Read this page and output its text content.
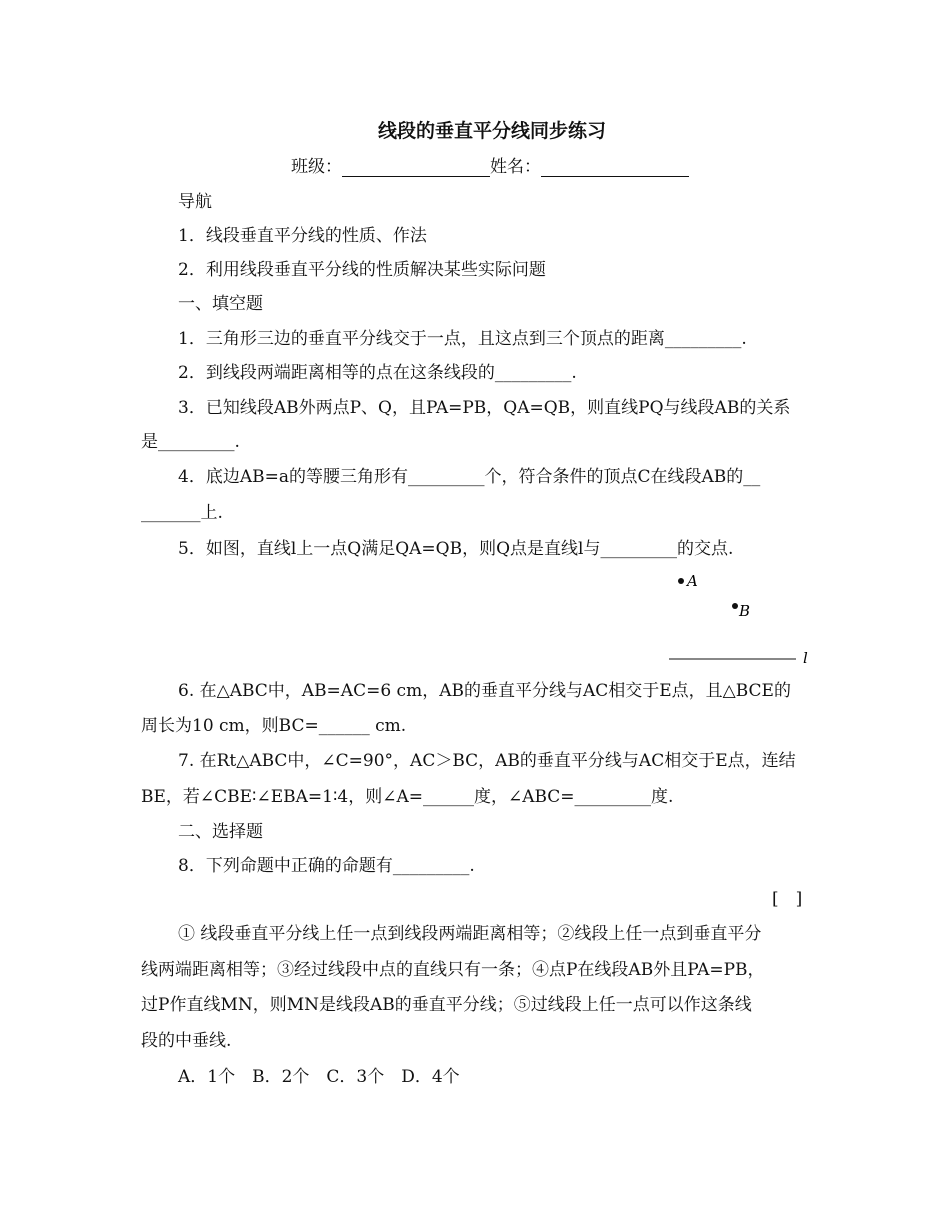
线段的垂直平分线同步练习
班级：	姓名：
导航
1．线段垂直平分线的性质、作法
2．利用线段垂直平分线的性质解决某些实际问题
一、填空题
1．三角形三边的垂直平分线交于一点，且这点到三个顶点的距离_________.
2．到线段两端距离相等的点在这条线段的_________.
3．已知线段AB外两点P、Q，且PA=PB，QA=QB，则直线PQ与线段AB的关系
是_________.
4．底边AB=a的等腰三角形有_________个，符合条件的顶点C在线段AB的__
_______上.
5．如图，直线l上一点Q满足QA=QB，则Q点是直线l与_________的交点.
A
B
l
6. 在△ABC中，AB=AC=6 cm，AB的垂直平分线与AC相交于E点，且△BCE的
周长为10 cm，则BC=______ cm.
7. 在Rt△ABC中，∠C=90°，AC＞BC，AB的垂直平分线与AC相交于E点，连结
BE，若∠CBE∶∠EBA=1∶4，则∠A=______度，∠ABC=_________度.
二、选择题
8．下列命题中正确的命题有_________.
[　]
① 线段垂直平分线上任一点到线段两端距离相等；②线段上任一点到垂直平分
线两端距离相等；③经过线段中点的直线只有一条；④点P在线段AB外且PA=PB，
过P作直线MN，则MN是线段AB的垂直平分线；⑤过线段上任一点可以作这条线
段的中垂线.
A．1个　B．2个　C．3个　D．4个
